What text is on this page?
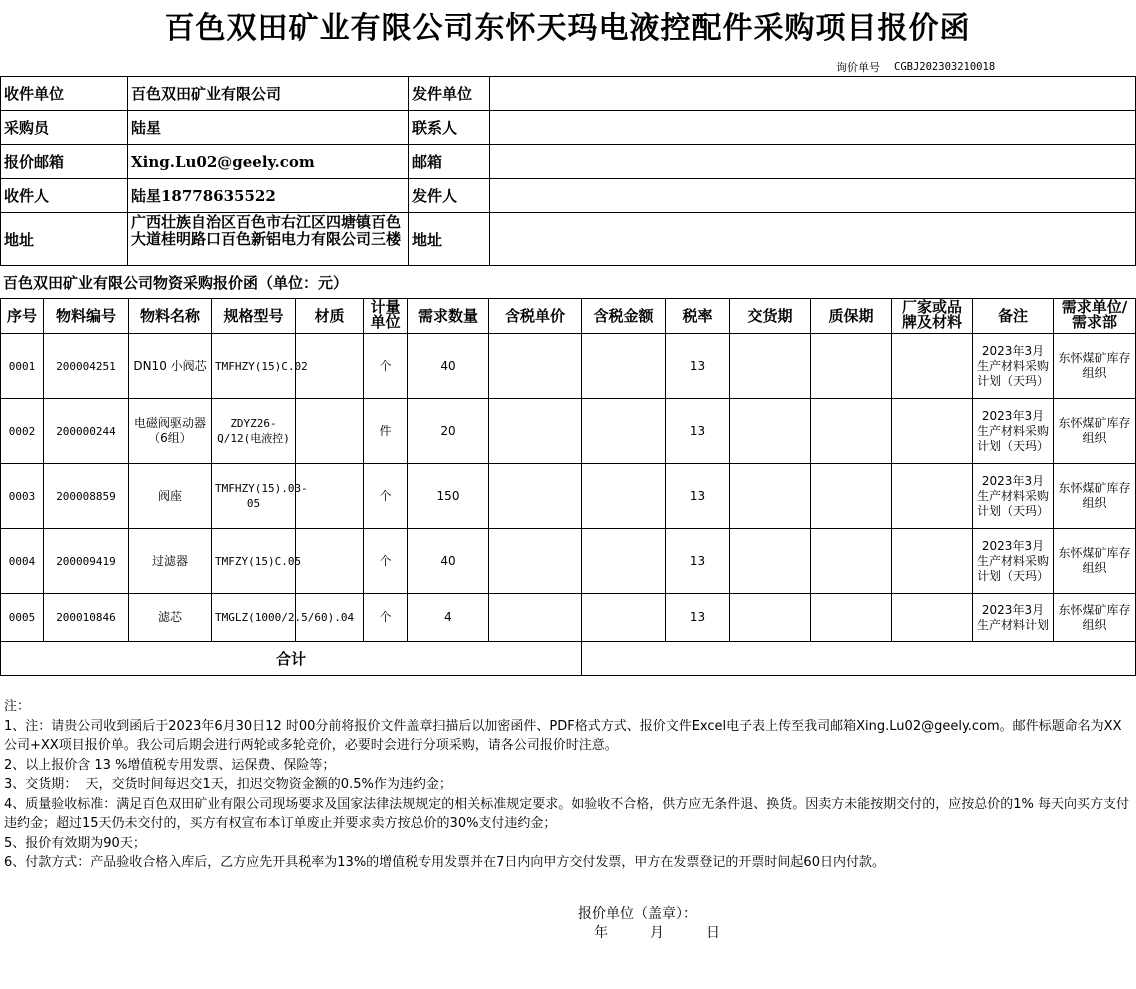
百色双田矿业有限公司东怀天玛电液控配件采购项目报价函
询价单号 CGBJ202303210018
收件单位	百色双田矿业有限公司	发件单位	
采购员	陆星	联系人	
报价邮箱	Xing.Lu02@geely.com	邮箱	
收件人	陆星18778635522	发件人	
地址	广西壮族自治区百色市右江区四塘镇百色大道桂明路口百色新铝电力有限公司三楼	地址	
百色双田矿业有限公司物资采购报价函（单位：元）
序号	物料编号	物料名称	规格型号	材质	计量单位	需求数量	含税单价	含税金额	税率	交货期	质保期	厂家或品牌及材料	备注	需求单位/需求部

0001	200004251	DN10 小阀芯	TMFHZY(15)C.02		个	40			13				2023年3月生产材料采购计划（天玛）	东怀煤矿库存组织
0002	200000244	电磁阀驱动器（6组）	ZDYZ26-Q/12(电液控)		件	20			13				2023年3月生产材料采购计划（天玛）	东怀煤矿库存组织
0003	200008859	阀座	TMFHZY(15).03-05		个	150			13				2023年3月生产材料采购计划（天玛）	东怀煤矿库存组织
0004	200009419	过滤器	TMFZY(15)C.05		个	40			13				2023年3月生产材料采购计划（天玛）	东怀煤矿库存组织
0005	200010846	滤芯	TMGLZ(1000/2.5/60).04		个	4			13				2023年3月生产材料计划	东怀煤矿库存组织
合计														
注：
1、注：请贵公司收到函后于2023年6月30日12 时00分前将报价文件盖章扫描后以加密函件、PDF格式方式、报价文件Excel电子表上传至我司邮箱Xing.Lu02@geely.com。邮件标题命名为XX公司+XX项目报价单。我公司后期会进行两轮或多轮竞价，必要时会进行分项采购，请各公司报价时注意。
2、以上报价含 13 %增值税专用发票、运保费、保险等；
3、交货期：  天，交货时间每迟交1天，扣迟交物资金额的0.5%作为违约金；
4、质量验收标准：满足百色双田矿业有限公司现场要求及国家法律法规规定的相关标准规定要求。如验收不合格，供方应无条件退、换货。因卖方未能按期交付的，应按总价的1% 每天向买方支付违约金；超过15天仍未交付的，买方有权宣布本订单废止并要求卖方按总价的30%支付违约金；
5、报价有效期为90天；
6、付款方式：产品验收合格入库后，乙方应先开具税率为13%的增值税专用发票并在7日内向甲方交付发票，甲方在发票登记的开票时间起60日内付款。
报价单位（盖章）：
年　　　月　　　日
